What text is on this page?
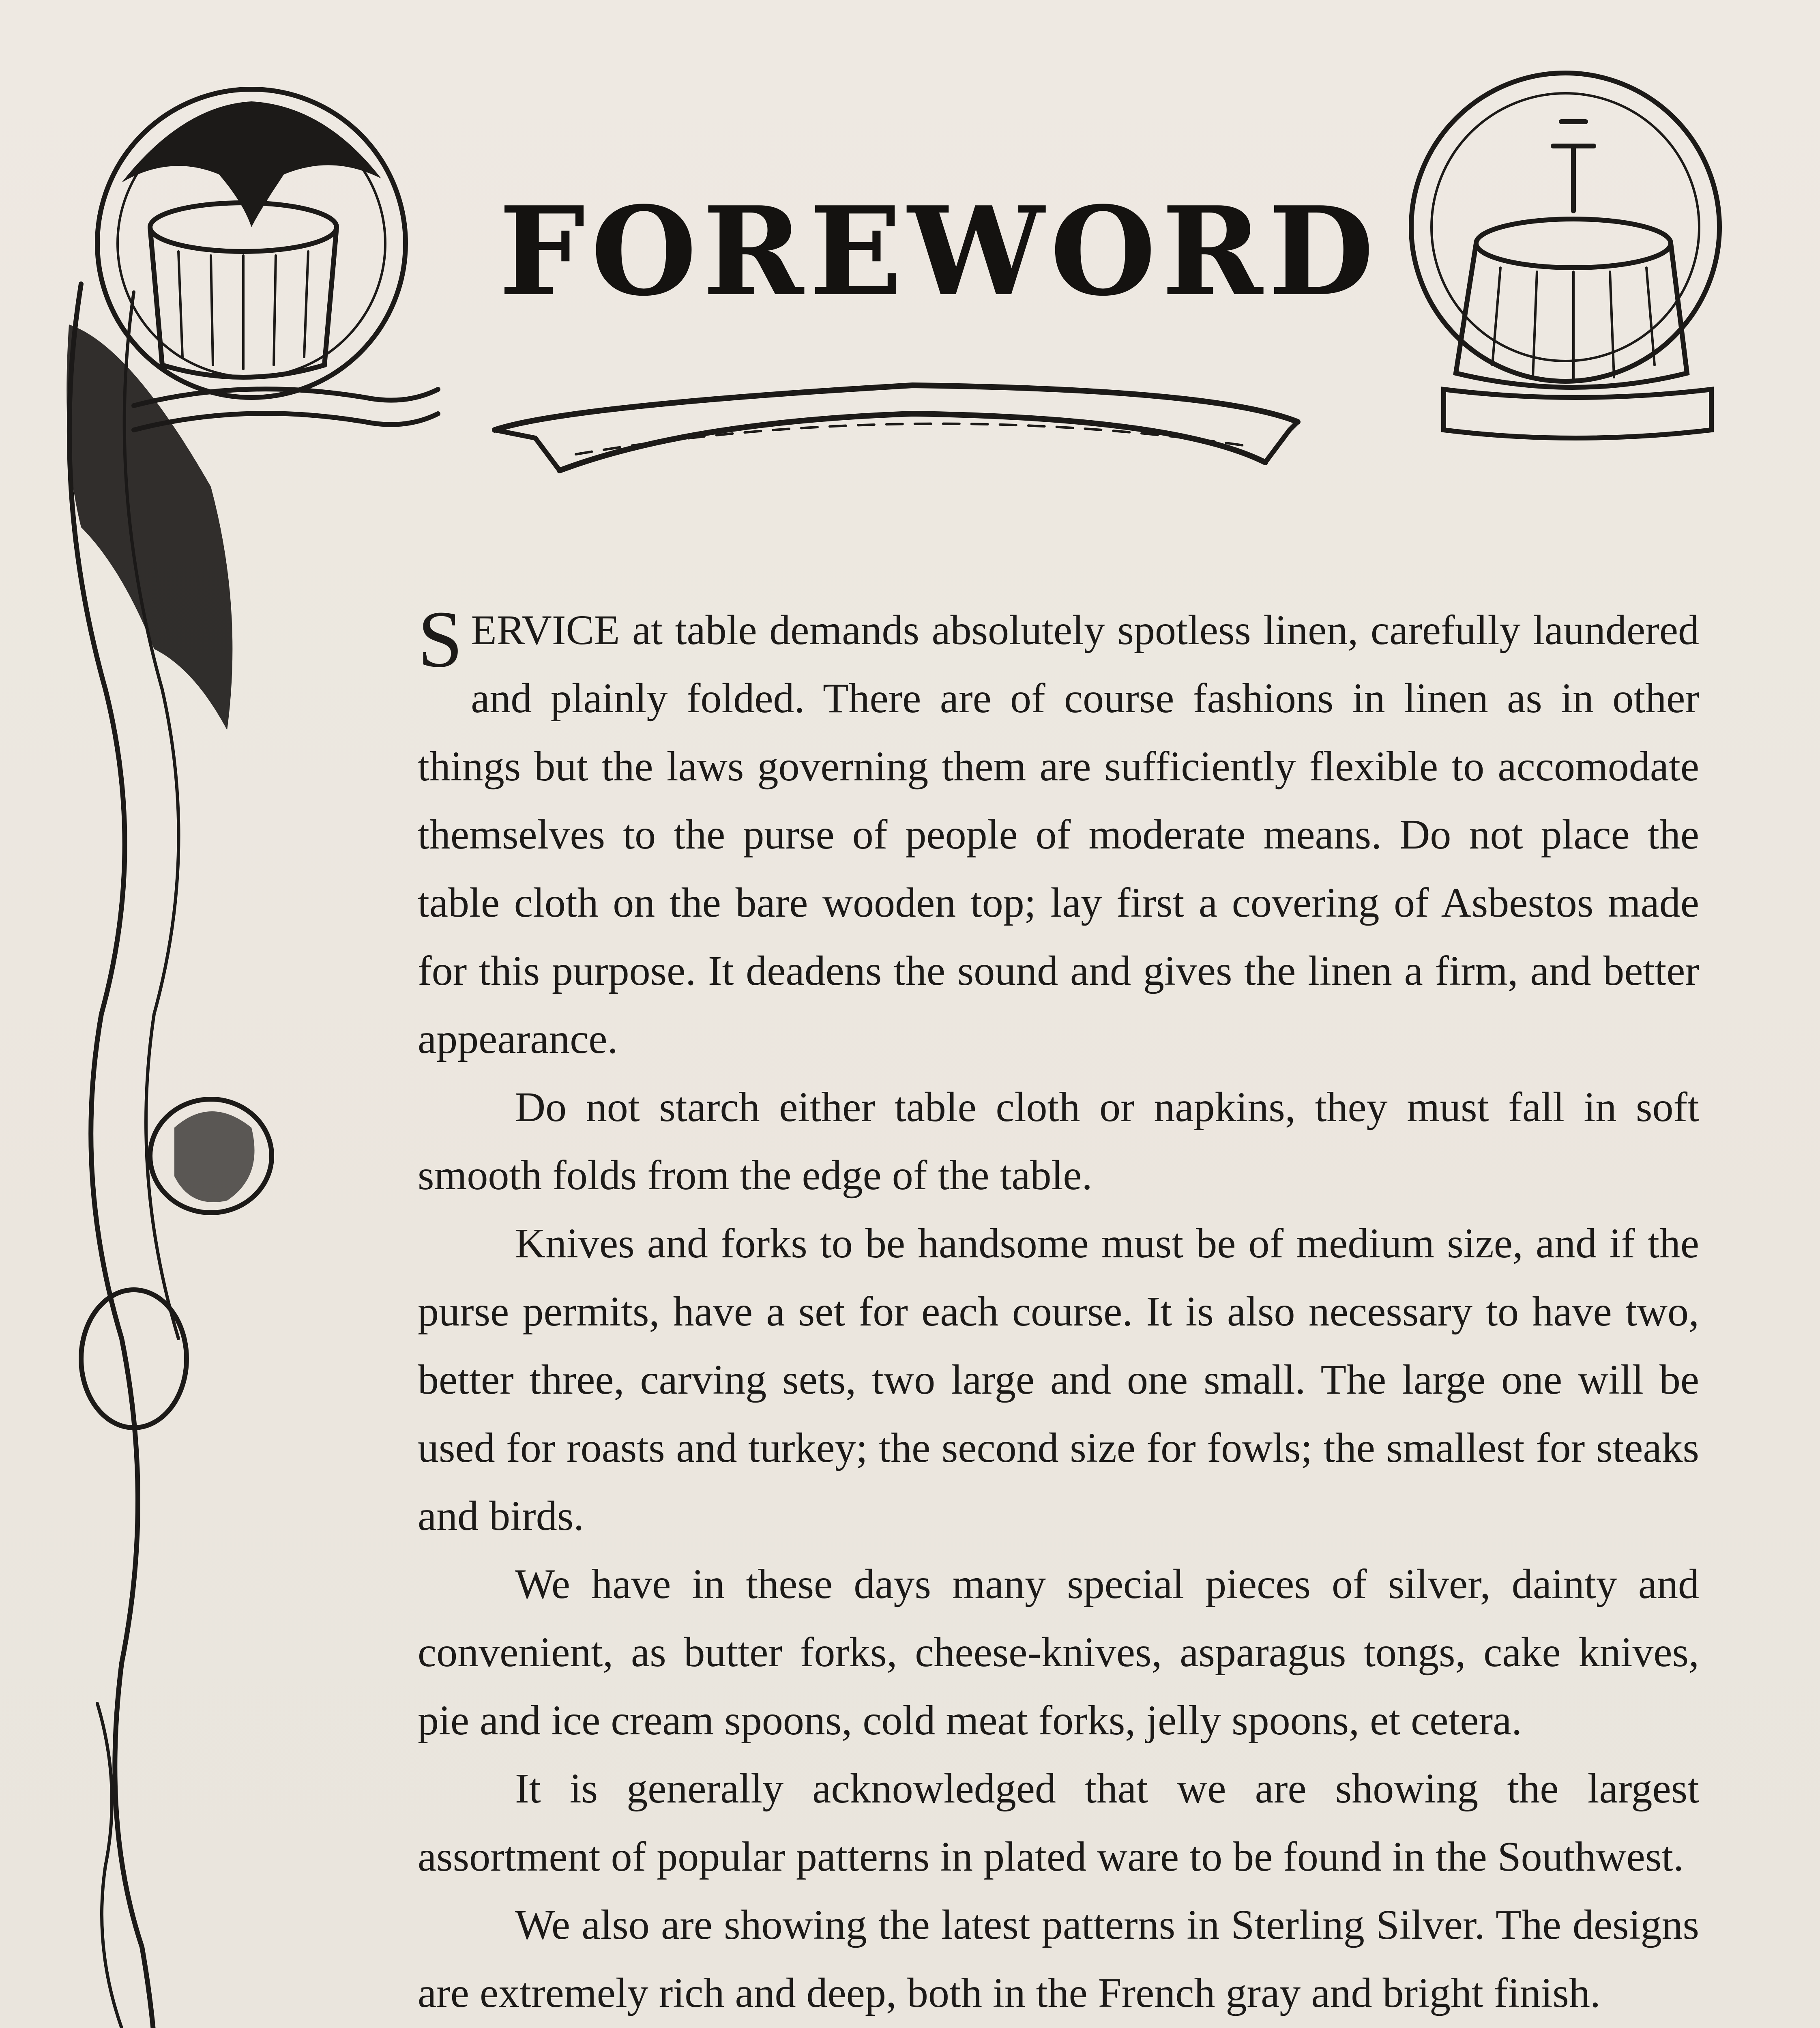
FOREWORD

SERVICE at table demands absolutely spotless linen, carefully laundered and plainly folded. There are of course fashions in linen as in other things but the laws governing them are sufficiently flexible to accomodate themselves to the purse of people of moderate means. Do not place the table cloth on the bare wooden top; lay first a covering of Asbestos made for this purpose. It deadens the sound and gives the linen a firm, and better appearance.

Do not starch either table cloth or napkins, they must fall in soft smooth folds from the edge of the table.

Knives and forks to be handsome must be of medium size, and if the purse permits, have a set for each course. It is also necessary to have two, better three, carving sets, two large and one small. The large one will be used for roasts and turkey; the second size for fowls; the smallest for steaks and birds.

We have in these days many special pieces of silver, dainty and convenient, as butter forks, cheese-knives, asparagus tongs, cake knives, pie and ice cream spoons, cold meat forks, jelly spoons, et cetera.

It is generally acknowledged that we are showing the largest assortment of popular patterns in plated ware to be found in the Southwest.

We also are showing the latest patterns in Sterling Silver. The designs are extremely rich and deep, both in the French gray and bright finish.
